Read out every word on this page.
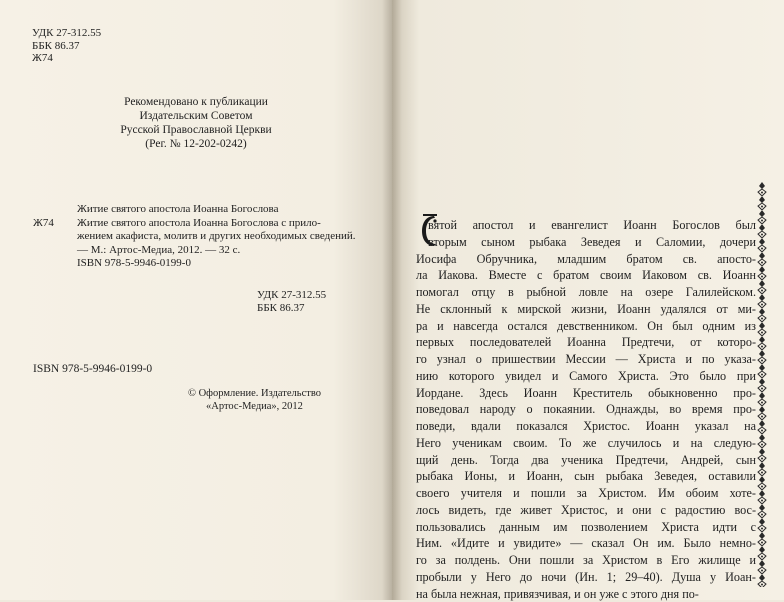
УДК 27-312.55
ББК 86.37
Ж74
Рекомендовано к публикации
Издательским Советом
Русской Православной Церкви
(Рег. № 12-202-0242)
Житие святого апостола Иоанна Богослова
Ж74	Житие святого апостола Иоанна Богослова с прило-
жением акафиста, молитв и других необходимых сведений.
— М.: Артос-Медиа, 2012. — 32 с.
ISBN 978-5-9946-0199-0
УДК 27-312.55
ББК 86.37
ISBN 978-5-9946-0199-0
© Оформление. Издательство
«Артос-Медиа», 2012
вятой апостол и евангелист Иоанн Богослов был
вторым сыном рыбака Зеведея и Саломии, дочери
Иосифа Обручника, младшим братом св. апосто-
ла Иакова. Вместе с братом своим Иаковом св. Иоанн
помогал отцу в рыбной ловле на озере Галилейском.
Не склонный к мирской жизни, Иоанн удалялся от ми-
ра и навсегда остался девственником. Он был одним из
первых последователей Иоанна Предтечи, от которо-
го узнал о пришествии Мессии — Христа и по указа-
нию которого увидел и Самого Христа. Это было при
Иордане. Здесь Иоанн Креститель обыкновенно про-
поведовал народу о покаянии. Однажды, во время про-
поведи, вдали показался Христос. Иоанн указал на
Него ученикам своим. То же случилось и на следую-
щий день. Тогда два ученика Предтечи, Андрей, сын
рыбака Ионы, и Иоанн, сын рыбака Зеведея, оставили
своего учителя и пошли за Христом. Им обоим хоте-
лось видеть, где живет Христос, и они с радостию вос-
пользовались данным им позволением Христа идти с
Ним. «Идите и увидите» — сказал Он им. Было немно-
го за полдень. Они пошли за Христом в Его жилище и
пробыли у Него до ночи (Ин. 1; 29–40). Душа у Иоан-
на была нежная, привязчивая, и он уже с этого дня по-
